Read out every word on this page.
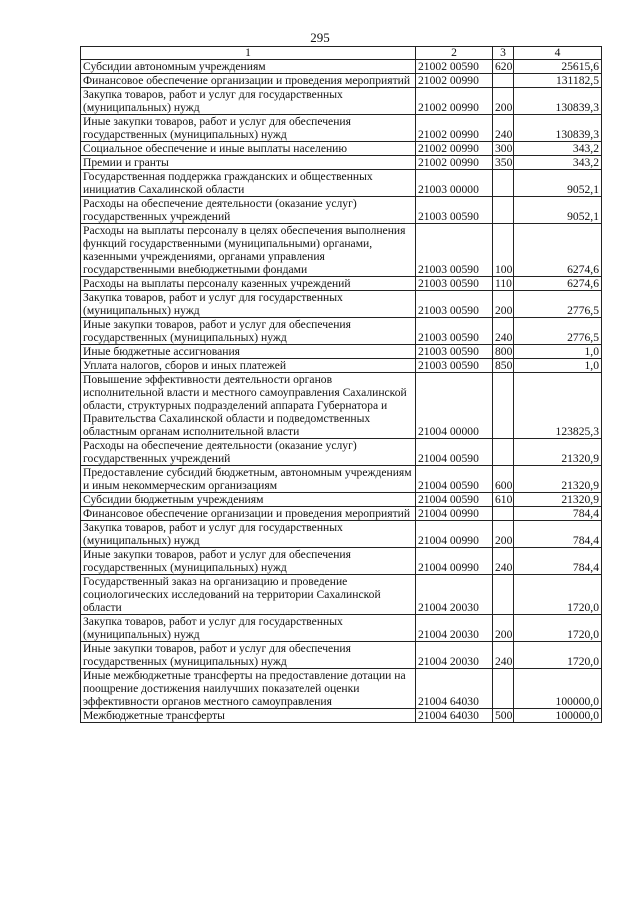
295
1	2	3	4
Субсидии автономным учреждениям	21002 00590	620	25615,6
Финансовое обеспечение организации и проведения мероприятий	21002 00990		131182,5
Закупка товаров, работ и услуг для государственных (муниципальных) нужд	21002 00990	200	130839,3
Иные закупки товаров, работ и услуг для обеспечения государственных (муниципальных) нужд	21002 00990	240	130839,3
Социальное обеспечение и иные выплаты населению	21002 00990	300	343,2
Премии и гранты	21002 00990	350	343,2
Государственная поддержка гражданских и общественных инициатив Сахалинской области	21003 00000		9052,1
Расходы на обеспечение деятельности (оказание услуг) государственных учреждений	21003 00590		9052,1
Расходы на выплаты персоналу в целях обеспечения выполнения функций государственными (муниципальными) органами, казенными учреждениями, органами управления государственными внебюджетными фондами	21003 00590	100	6274,6
Расходы на выплаты персоналу казенных учреждений	21003 00590	110	6274,6
Закупка товаров, работ и услуг для государственных (муниципальных) нужд	21003 00590	200	2776,5
Иные закупки товаров, работ и услуг для обеспечения государственных (муниципальных) нужд	21003 00590	240	2776,5
Иные бюджетные ассигнования	21003 00590	800	1,0
Уплата налогов, сборов и иных платежей	21003 00590	850	1,0
Повышение эффективности деятельности органов исполнительной власти и местного самоуправления Сахалинской области, структурных подразделений аппарата Губернатора и Правительства Сахалинской области и подведомственных областным органам исполнительной власти	21004 00000		123825,3
Расходы на обеспечение деятельности (оказание услуг) государственных учреждений	21004 00590		21320,9
Предоставление субсидий бюджетным, автономным учреждениям и иным некоммерческим организациям	21004 00590	600	21320,9
Субсидии бюджетным учреждениям	21004 00590	610	21320,9
Финансовое обеспечение организации и проведения мероприятий	21004 00990		784,4
Закупка товаров, работ и услуг для государственных (муниципальных) нужд	21004 00990	200	784,4
Иные закупки товаров, работ и услуг для обеспечения государственных (муниципальных) нужд	21004 00990	240	784,4
Государственный заказ на организацию и проведение социологических исследований на территории Сахалинской области	21004 20030		1720,0
Закупка товаров, работ и услуг для государственных (муниципальных) нужд	21004 20030	200	1720,0
Иные закупки товаров, работ и услуг для обеспечения государственных (муниципальных) нужд	21004 20030	240	1720,0
Иные межбюджетные трансферты на предоставление дотации на поощрение достижения наилучших показателей оценки эффективности органов местного самоуправления	21004 64030		100000,0
Межбюджетные трансферты	21004 64030	500	100000,0
